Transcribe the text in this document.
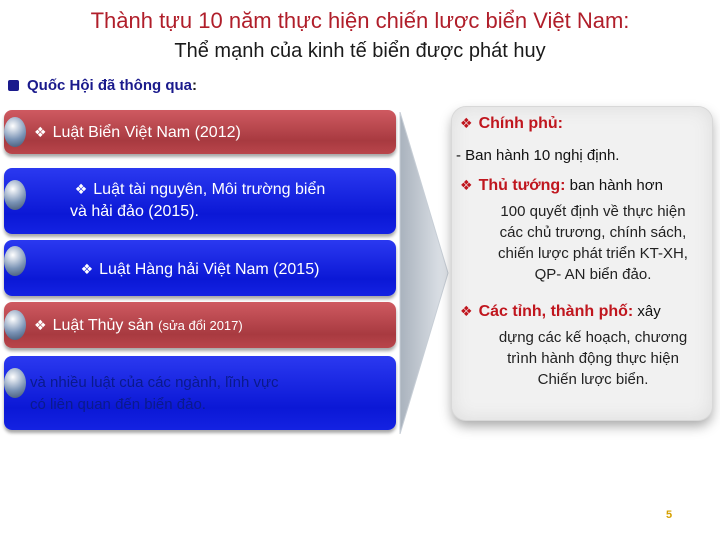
Thành tựu 10 năm thực hiện chiến lược biển Việt Nam:
Thể mạnh của kinh tế biển được phát huy
Quốc Hội đã thông qua:
❖ Luật Biển Việt Nam (2012)
❖ Luật tài nguyên, Môi trường biển
và hải đảo (2015).
❖ Luật Hàng hải Việt Nam (2015)
❖ Luật Thủy sản (sửa đổi 2017)
và nhiều luật của các ngành, lĩnh vực
có liên quan đến biển đảo.
❖ Chính phủ:
- Ban hành 10 nghị định.
❖ Thủ tướng: ban hành hơn
100 quyết định về thực hiện
các chủ trương, chính sách,
chiến lược phát triển KT-XH,
QP- AN biển đảo.
❖ Các tỉnh, thành phố: xây
dựng các kế hoạch, chương
trình hành động thực hiện
Chiến lược biển.
5
